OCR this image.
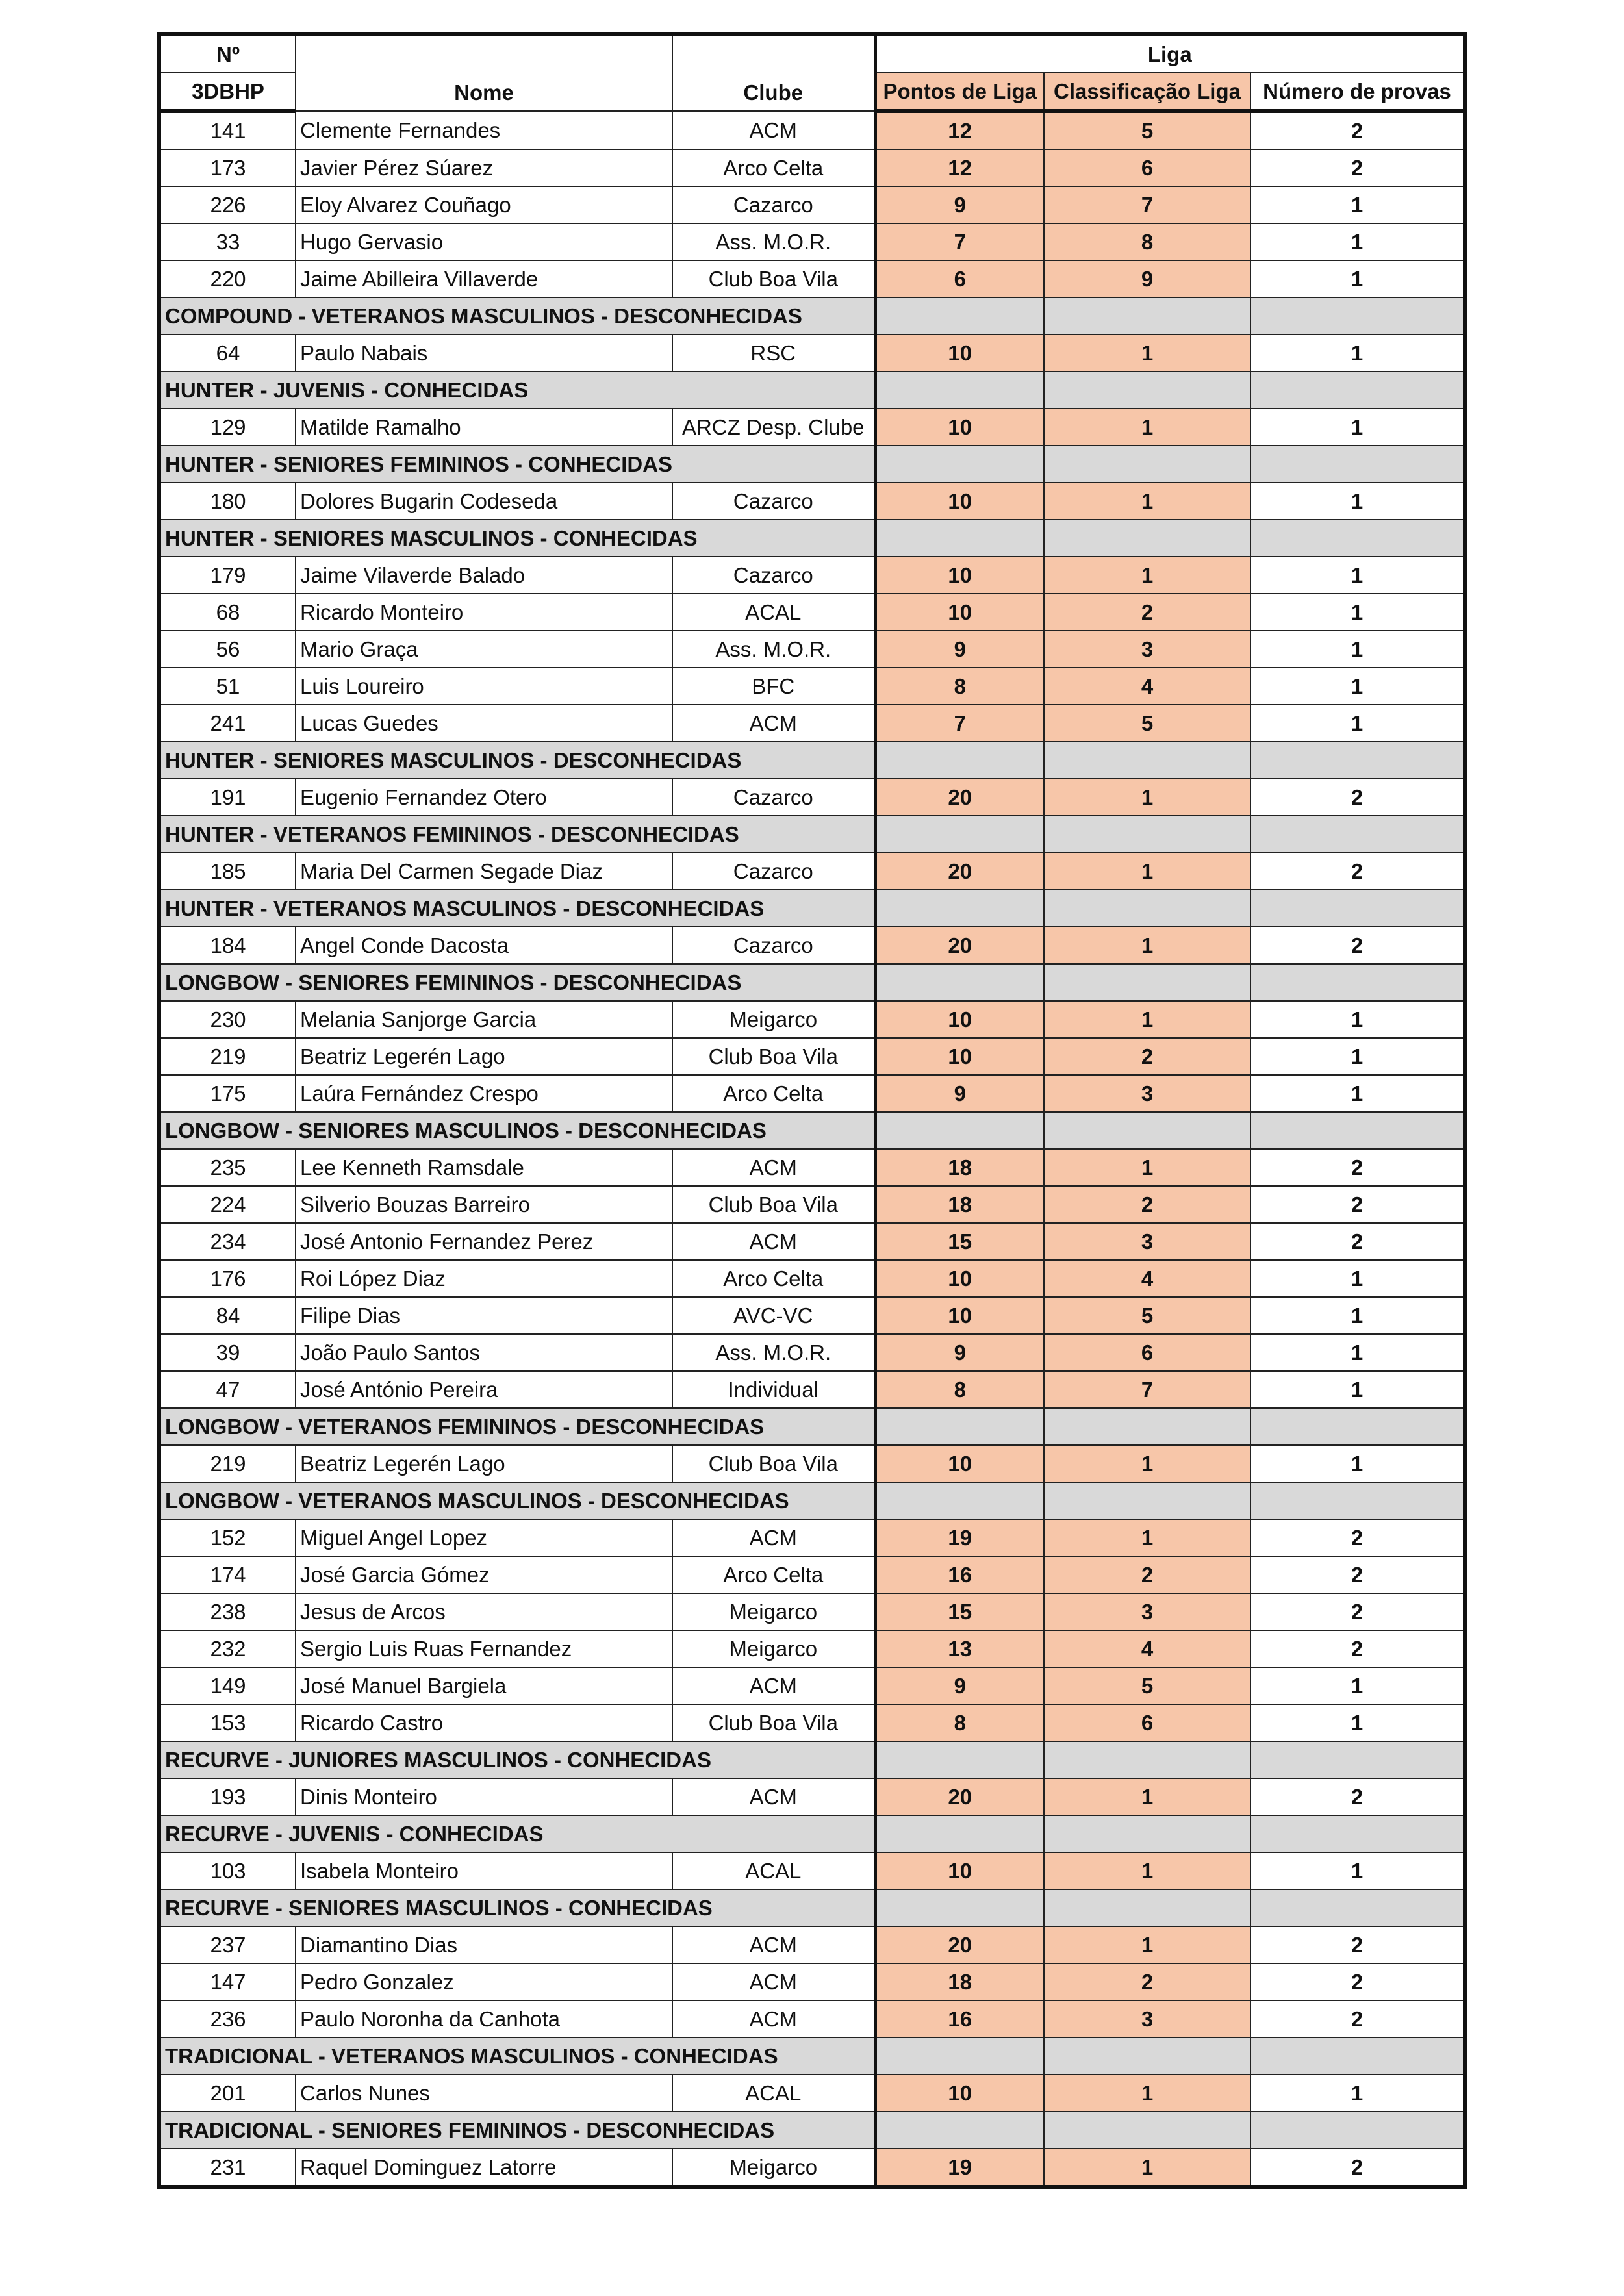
Nº	Nome	Clube	Liga		
3DBHP			Pontos de Liga	Classificação Liga	Número de provas
141	Clemente Fernandes	ACM	12	5	2
173	Javier Pérez Súarez	Arco Celta	12	6	2
226	Eloy Alvarez Couñago	Cazarco	9	7	1
33	Hugo Gervasio	Ass. M.O.R.	7	8	1
220	Jaime Abilleira Villaverde	Club Boa Vila	6	9	1
COMPOUND - VETERANOS MASCULINOS - DESCONHECIDAS					
64	Paulo Nabais	RSC	10	1	1
HUNTER - JUVENIS - CONHECIDAS					
129	Matilde Ramalho	ARCZ Desp. Clube	10	1	1
HUNTER - SENIORES FEMININOS - CONHECIDAS					
180	Dolores Bugarin Codeseda	Cazarco	10	1	1
HUNTER - SENIORES MASCULINOS - CONHECIDAS					
179	Jaime Vilaverde Balado	Cazarco	10	1	1
68	Ricardo Monteiro	ACAL	10	2	1
56	Mario Graça	Ass. M.O.R.	9	3	1
51	Luis Loureiro	BFC	8	4	1
241	Lucas Guedes	ACM	7	5	1
HUNTER - SENIORES MASCULINOS - DESCONHECIDAS					
191	Eugenio Fernandez Otero	Cazarco	20	1	2
HUNTER - VETERANOS FEMININOS - DESCONHECIDAS					
185	Maria Del Carmen Segade Diaz	Cazarco	20	1	2
HUNTER - VETERANOS MASCULINOS - DESCONHECIDAS					
184	Angel Conde Dacosta	Cazarco	20	1	2
LONGBOW - SENIORES FEMININOS - DESCONHECIDAS					
230	Melania Sanjorge Garcia	Meigarco	10	1	1
219	Beatriz Legerén Lago	Club Boa Vila	10	2	1
175	Laúra Fernández Crespo	Arco Celta	9	3	1
LONGBOW - SENIORES MASCULINOS - DESCONHECIDAS					
235	Lee Kenneth Ramsdale	ACM	18	1	2
224	Silverio Bouzas Barreiro	Club Boa Vila	18	2	2
234	José Antonio Fernandez Perez	ACM	15	3	2
176	Roi López Diaz	Arco Celta	10	4	1
84	Filipe Dias	AVC-VC	10	5	1
39	João Paulo Santos	Ass. M.O.R.	9	6	1
47	José António Pereira	Individual	8	7	1
LONGBOW - VETERANOS FEMININOS - DESCONHECIDAS					
219	Beatriz Legerén Lago	Club Boa Vila	10	1	1
LONGBOW - VETERANOS MASCULINOS - DESCONHECIDAS					
152	Miguel Angel Lopez	ACM	19	1	2
174	José Garcia Gómez	Arco Celta	16	2	2
238	Jesus de Arcos	Meigarco	15	3	2
232	Sergio Luis Ruas Fernandez	Meigarco	13	4	2
149	José Manuel Bargiela	ACM	9	5	1
153	Ricardo Castro	Club Boa Vila	8	6	1
RECURVE - JUNIORES MASCULINOS - CONHECIDAS					
193	Dinis Monteiro	ACM	20	1	2
RECURVE - JUVENIS - CONHECIDAS					
103	Isabela Monteiro	ACAL	10	1	1
RECURVE - SENIORES MASCULINOS - CONHECIDAS					
237	Diamantino Dias	ACM	20	1	2
147	Pedro Gonzalez	ACM	18	2	2
236	Paulo Noronha da Canhota	ACM	16	3	2
TRADICIONAL - VETERANOS MASCULINOS - CONHECIDAS					
201	Carlos Nunes	ACAL	10	1	1
TRADICIONAL - SENIORES FEMININOS - DESCONHECIDAS					
231	Raquel Dominguez Latorre	Meigarco	19	1	2
